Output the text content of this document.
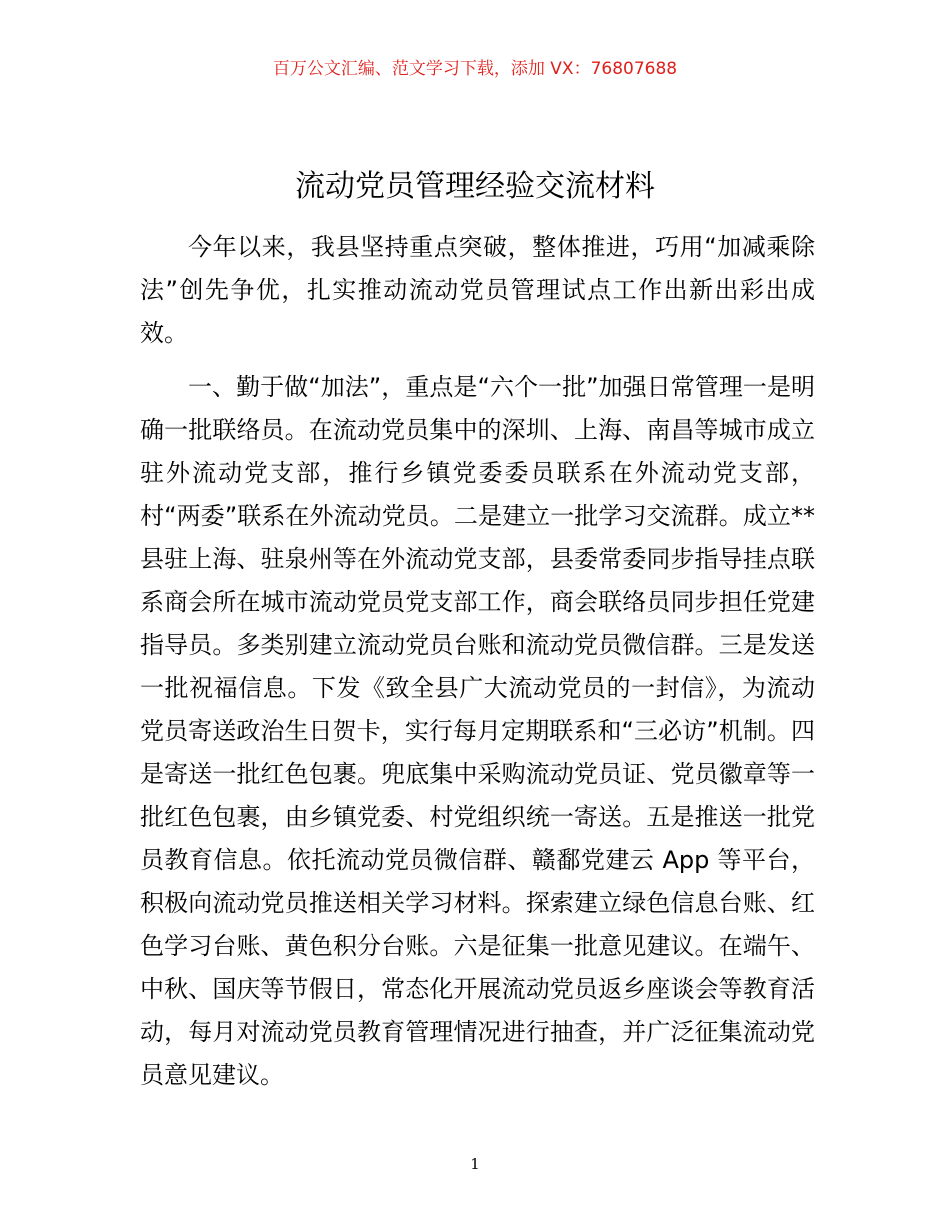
百万公文汇编、范文学习下载，添加 VX：76807688
流动党员管理经验交流材料

今年以来，我县坚持重点突破，整体推进，巧用“加减乘除法”创先争优，扎实推动流动党员管理试点工作出新出彩出成效。

一、勤于做“加法”，重点是“六个一批”加强日常管理一是明确一批联络员。在流动党员集中的深圳、上海、南昌等城市成立驻外流动党支部，推行乡镇党委委员联系在外流动党支部，村“两委”联系在外流动党员。二是建立一批学习交流群。成立**县驻上海、驻泉州等在外流动党支部，县委常委同步指导挂点联系商会所在城市流动党员党支部工作，商会联络员同步担任党建指导员。多类别建立流动党员台账和流动党员微信群。三是发送一批祝福信息。下发《致全县广大流动党员的一封信》，为流动党员寄送政治生日贺卡，实行每月定期联系和“三必访”机制。四是寄送一批红色包裹。兜底集中采购流动党员证、党员徽章等一批红色包裹，由乡镇党委、村党组织统一寄送。五是推送一批党员教育信息。依托流动党员微信群、赣鄱党建云 App 等平台，积极向流动党员推送相关学习材料。探索建立绿色信息台账、红色学习台账、黄色积分台账。六是征集一批意见建议。在端午、中秋、国庆等节假日，常态化开展流动党员返乡座谈会等教育活动，每月对流动党员教育管理情况进行抽查，并广泛征集流动党员意见建议。

1
